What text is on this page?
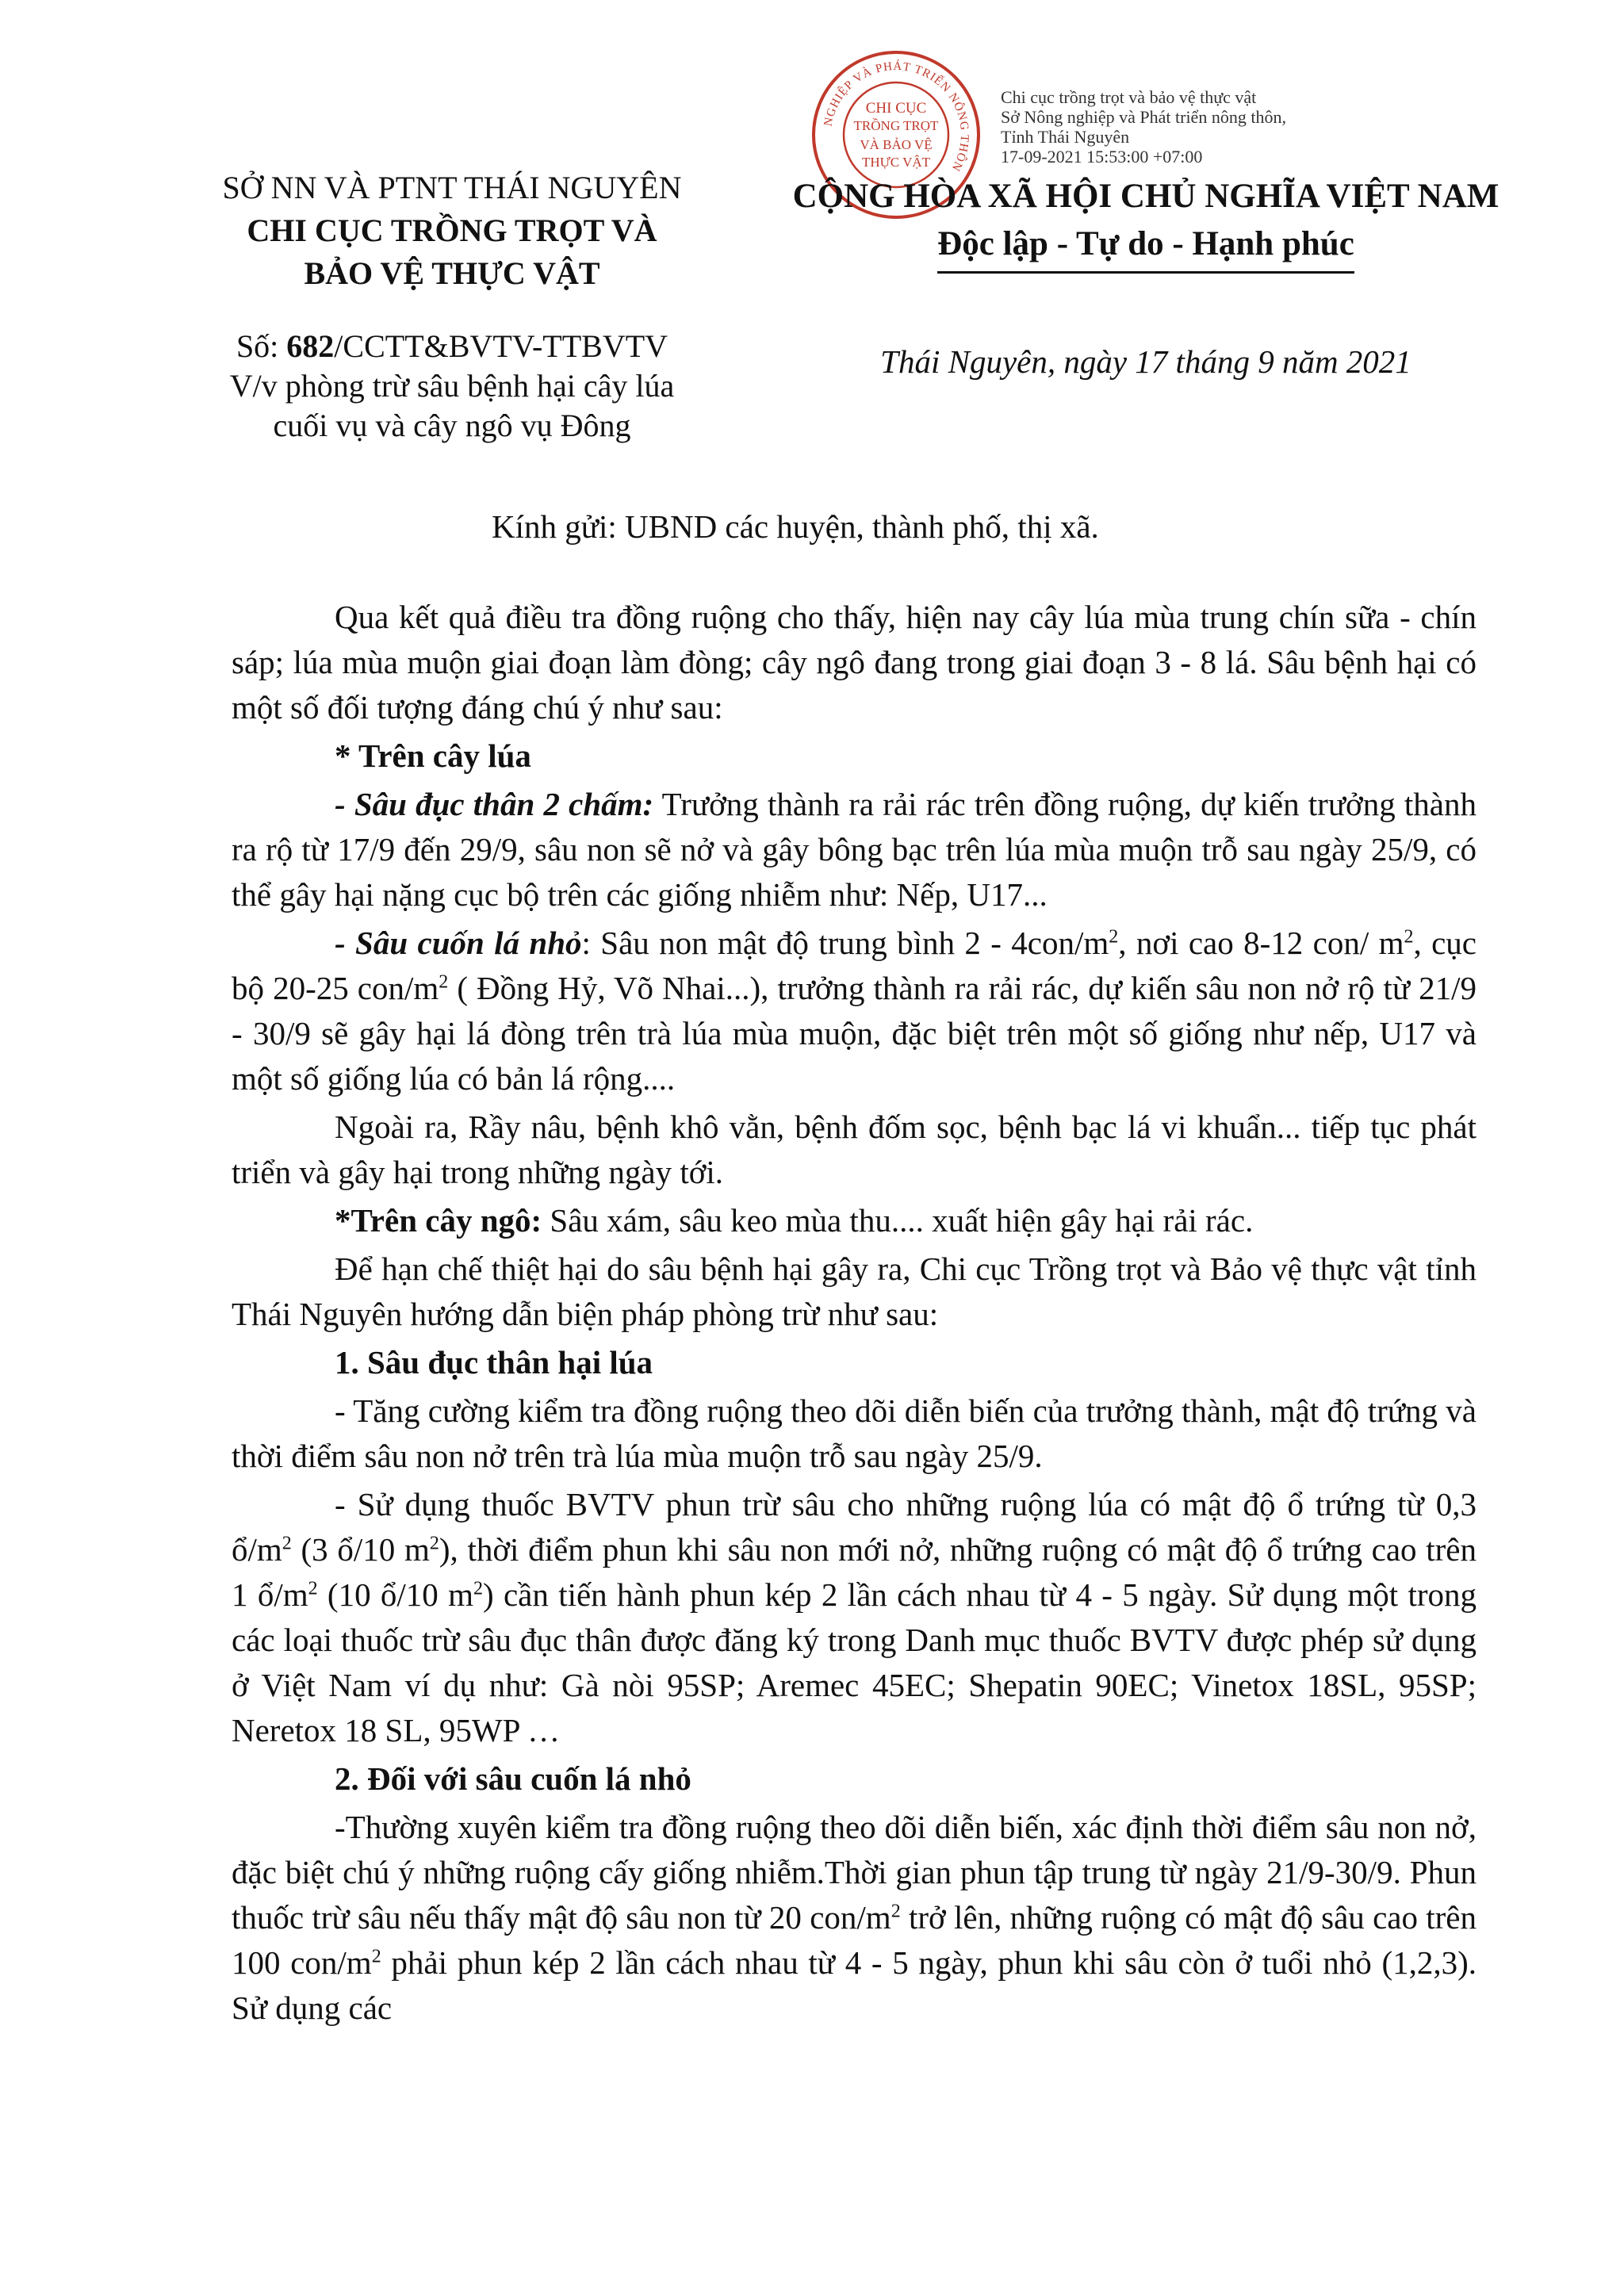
NGHIỆP VÀ PHÁT TRIỂN NÔNG THÔN
CHI CỤC
TRỒNG TRỌT
VÀ BẢO VỆ
THỰC VẬT
Chi cục trồng trọt và bảo vệ thực vật
Sở Nông nghiệp và Phát triển nông thôn,
Tỉnh Thái Nguyên
17-09-2021 15:53:00 +07:00
SỞ NN VÀ PTNT THÁI NGUYÊN
CHI CỤC TRỒNG TRỌT VÀ
BẢO VỆ THỰC VẬT
CỘNG HÒA XÃ HỘI CHỦ NGHĨA VIỆT NAM
Độc lập - Tự do - Hạnh phúc
Số: 682/CCTT&BVTV-TTBVTV
V/v phòng trừ sâu bệnh hại cây lúa
cuối vụ và cây ngô vụ Đông
Thái Nguyên, ngày 17 tháng 9 năm 2021
Kính gửi: UBND các huyện, thành phố, thị xã.

Qua kết quả điều tra đồng ruộng cho thấy, hiện nay cây lúa mùa trung chín sữa - chín sáp; lúa mùa muộn giai đoạn làm đòng; cây ngô đang trong giai đoạn 3 - 8 lá. Sâu bệnh hại có một số đối tượng đáng chú ý như sau:

* Trên cây lúa

- Sâu đục thân 2 chấm: Trưởng thành ra rải rác trên đồng ruộng, dự kiến trưởng thành ra rộ từ 17/9 đến 29/9, sâu non sẽ nở và gây bông bạc trên lúa mùa muộn trỗ sau ngày 25/9, có thể gây hại nặng cục bộ trên các giống nhiễm như: Nếp, U17...

- Sâu cuốn lá nhỏ: Sâu non mật độ trung bình $2 - 4con/m^2$, nơi cao 8-12 con/ $m^2$, cục bộ 20-25 con/$m^2$ ( Đồng Hỷ, Võ Nhai...), trưởng thành ra rải rác, dự kiến sâu non nở rộ từ 21/9 - 30/9 sẽ gây hại lá đòng trên trà lúa mùa muộn, đặc biệt trên một số giống như nếp, U17 và một số giống lúa có bản lá rộng....

Ngoài ra, Rầy nâu, bệnh khô vằn, bệnh đốm sọc, bệnh bạc lá vi khuẩn... tiếp tục phát triển và gây hại trong những ngày tới.

*Trên cây ngô: Sâu xám, sâu keo mùa thu.... xuất hiện gây hại rải rác.

Để hạn chế thiệt hại do sâu bệnh hại gây ra, Chi cục Trồng trọt và Bảo vệ thực vật tỉnh Thái Nguyên hướng dẫn biện pháp phòng trừ như sau:

1. Sâu đục thân hại lúa

- Tăng cường kiểm tra đồng ruộng theo dõi diễn biến của trưởng thành, mật độ trứng và thời điểm sâu non nở trên trà lúa mùa muộn trỗ sau ngày 25/9.

- Sử dụng thuốc BVTV phun trừ sâu cho những ruộng lúa có mật độ ổ trứng từ 0,3 $ổ/m^2$ (3 ổ/10 $m^2$), thời điểm phun khi sâu non mới nở, những ruộng có mật độ ổ trứng cao trên 1 $ổ/m^2$ (10 ổ/10 $m^2$) cần tiến hành phun kép 2 lần cách nhau từ 4 - 5 ngày. Sử dụng một trong các loại thuốc trừ sâu đục thân được đăng ký trong Danh mục thuốc BVTV được phép sử dụng ở Việt Nam ví dụ như: Gà nòi 95SP; Aremec 45EC; Shepatin 90EC; Vinetox 18SL, 95SP; Neretox 18 SL, 95WP …

2. Đối với sâu cuốn lá nhỏ

-Thường xuyên kiểm tra đồng ruộng theo dõi diễn biến, xác định thời điểm sâu non nở, đặc biệt chú ý những ruộng cấy giống nhiễm.Thời gian phun tập trung từ ngày 21/9-30/9. Phun thuốc trừ sâu nếu thấy mật độ sâu non từ 20 con/$m^2$ trở lên, những ruộng có mật độ sâu cao trên 100 con/$m^2$ phải phun kép 2 lần cách nhau từ 4 - 5 ngày, phun khi sâu còn ở tuổi nhỏ (1,2,3). Sử dụng các
